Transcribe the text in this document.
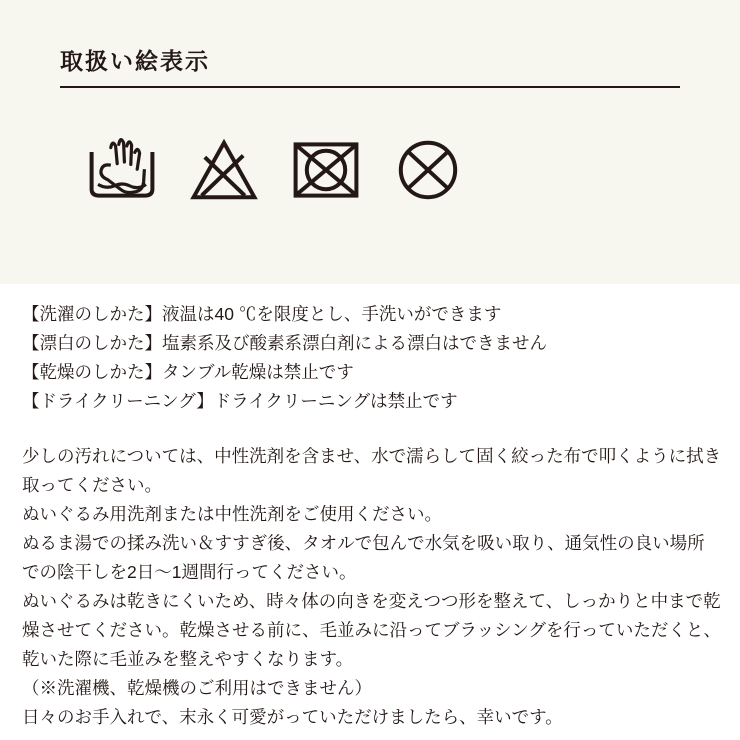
取扱い絵表示
【洗濯のしかた】液温は40 ℃を限度とし、手洗いができます
【漂白のしかた】塩素系及び酸素系漂白剤による漂白はできません
【乾燥のしかた】タンブル乾燥は禁止です
【ドライクリーニング】ドライクリーニングは禁止です

少しの汚れについては、中性洗剤を含ませ、水で濡らして固く絞った布で叩くように拭き取ってください。

ぬいぐるみ用洗剤または中性洗剤をご使用ください。

ぬるま湯での揉み洗い＆すすぎ後、タオルで包んで水気を吸い取り、通気性の良い場所での陰干しを2日〜1週間行ってください。

ぬいぐるみは乾きにくいため、時々体の向きを変えつつ形を整えて、しっかりと中まで乾燥させてください。乾燥させる前に、毛並みに沿ってブラッシングを行っていただくと、乾いた際に毛並みを整えやすくなります。

（※洗濯機、乾燥機のご利用はできません）

日々のお手入れで、末永く可愛がっていただけましたら、幸いです。
